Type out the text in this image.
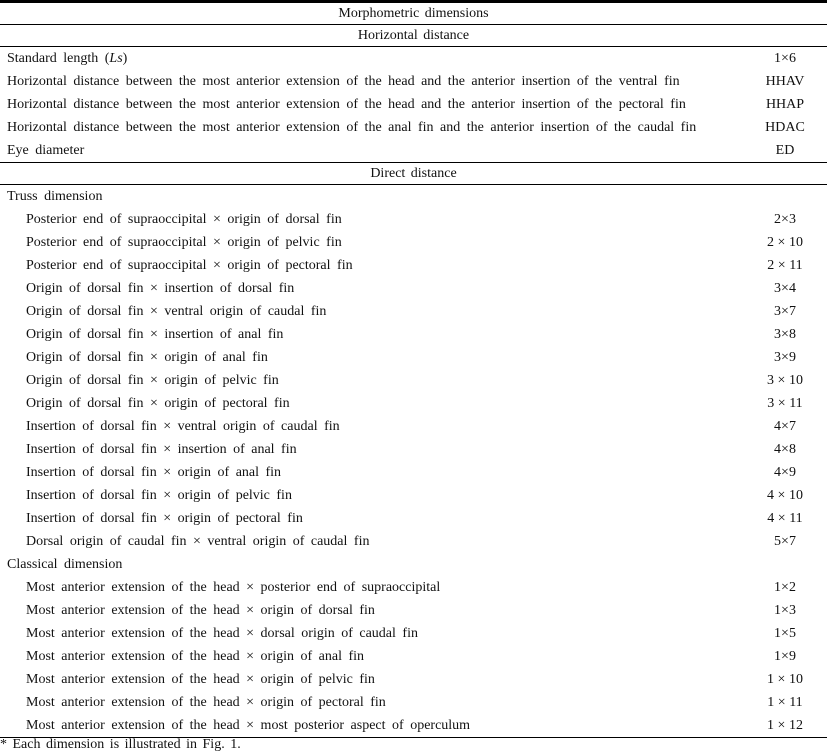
Morphometric dimensions
Horizontal distance
Standard length (Ls)	1×6
Horizontal distance between the most anterior extension of the head and the anterior insertion of the ventral fin	HHAV
Horizontal distance between the most anterior extension of the head and the anterior insertion of the pectoral fin	HHAP
Horizontal distance between the most anterior extension of the anal fin and the anterior insertion of the caudal fin	HDAC
Eye diameter	ED
Direct distance
Truss dimension
Posterior end of supraoccipital × origin of dorsal fin	2×3
Posterior end of supraoccipital × origin of pelvic fin	2 × 10
Posterior end of supraoccipital × origin of pectoral fin	2 × 11
Origin of dorsal fin × insertion of dorsal fin	3×4
Origin of dorsal fin × ventral origin of caudal fin	3×7
Origin of dorsal fin × insertion of anal fin	3×8
Origin of dorsal fin × origin of anal fin	3×9
Origin of dorsal fin × origin of pelvic fin	3 × 10
Origin of dorsal fin × origin of pectoral fin	3 × 11
Insertion of dorsal fin × ventral origin of caudal fin	4×7
Insertion of dorsal fin × insertion of anal fin	4×8
Insertion of dorsal fin × origin of anal fin	4×9
Insertion of dorsal fin × origin of pelvic fin	4 × 10
Insertion of dorsal fin × origin of pectoral fin	4 × 11
Dorsal origin of caudal fin × ventral origin of caudal fin	5×7
Classical dimension
Most anterior extension of the head × posterior end of supraoccipital	1×2
Most anterior extension of the head × origin of dorsal fin	1×3
Most anterior extension of the head × dorsal origin of caudal fin	1×5
Most anterior extension of the head × origin of anal fin	1×9
Most anterior extension of the head × origin of pelvic fin	1 × 10
Most anterior extension of the head × origin of pectoral fin	1 × 11
Most anterior extension of the head × most posterior aspect of operculum	1 × 12
* Each dimension is illustrated in Fig. 1.
